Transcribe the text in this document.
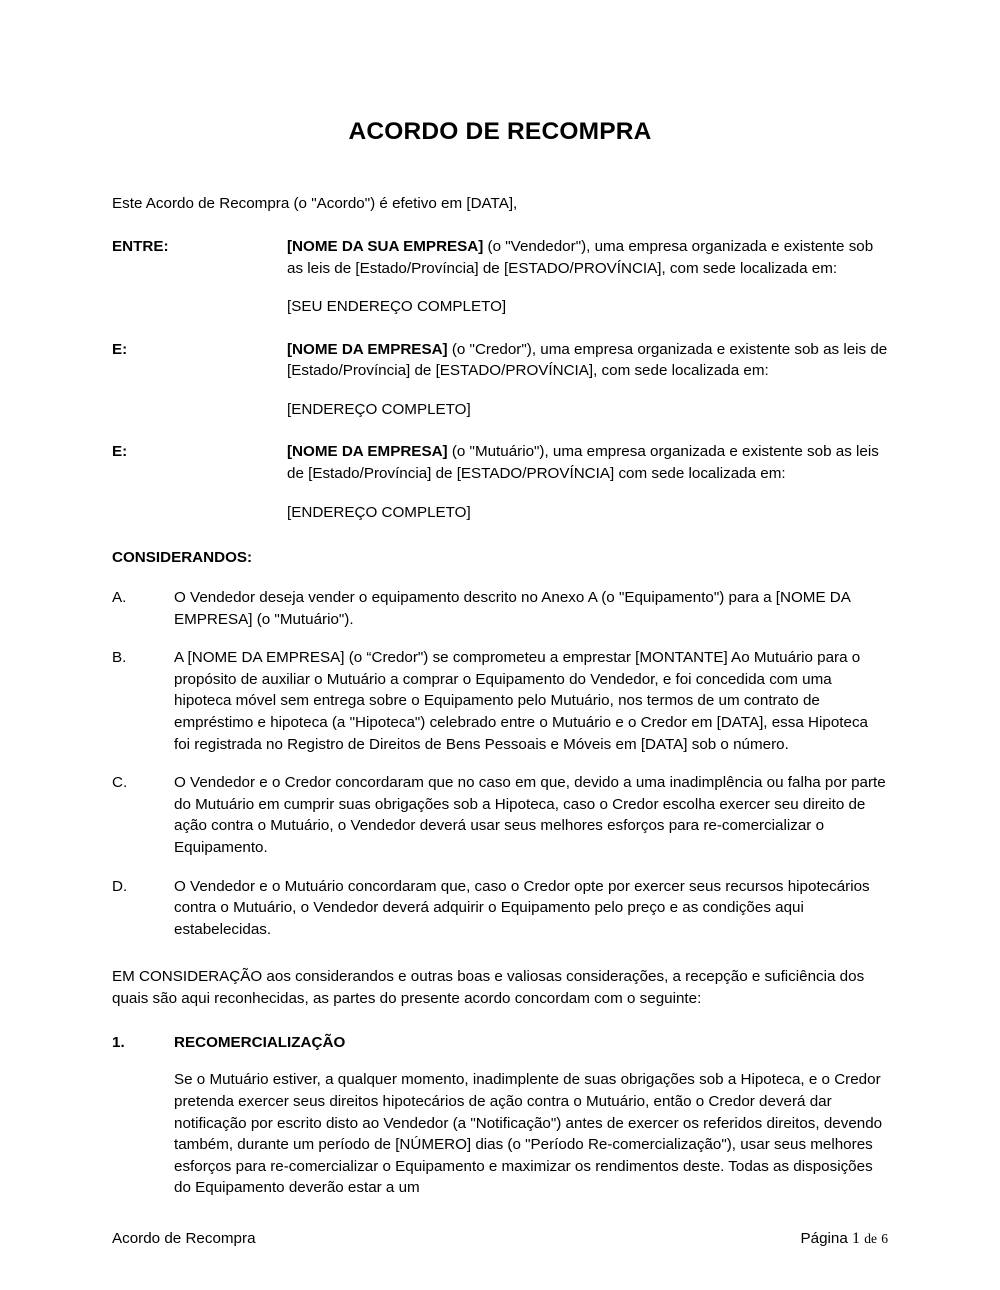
ACORDO DE RECOMPRA

Este Acordo de Recompra (o "Acordo") é efetivo em [DATA],

ENTRE:	[NOME DA SUA EMPRESA] (o "Vendedor"), uma empresa organizada e existente sob as leis de [Estado/Província] de [ESTADO/PROVÍNCIA], com sede localizada em:
[SEU ENDEREÇO COMPLETO]
E:	[NOME DA EMPRESA] (o "Credor"), uma empresa organizada e existente sob as leis de [Estado/Província] de [ESTADO/PROVÍNCIA], com sede localizada em:
[ENDEREÇO COMPLETO]
E:	[NOME DA EMPRESA] (o "Mutuário"), uma empresa organizada e existente sob as leis de [Estado/Província] de [ESTADO/PROVÍNCIA] com sede localizada em:
[ENDEREÇO COMPLETO]
CONSIDERANDOS:
A.	O Vendedor deseja vender o equipamento descrito no Anexo A (o "Equipamento") para a [NOME DA EMPRESA] (o "Mutuário").
B.	A [NOME DA EMPRESA] (o “Credor") se comprometeu a emprestar [MONTANTE] Ao Mutuário para o propósito de auxiliar o Mutuário a comprar o Equipamento do Vendedor, e foi concedida com uma hipoteca móvel sem entrega sobre o Equipamento pelo Mutuário, nos termos de um contrato de empréstimo e hipoteca (a "Hipoteca") celebrado entre o Mutuário e o Credor em [DATA], essa Hipoteca foi registrada no Registro de Direitos de Bens Pessoais e Móveis em [DATA] sob o número.
C.	O Vendedor e o Credor concordaram que no caso em que, devido a uma inadimplência ou falha por parte do Mutuário em cumprir suas obrigações sob a Hipoteca, caso o Credor escolha exercer seu direito de ação contra o Mutuário, o Vendedor deverá usar seus melhores esforços para re-comercializar o Equipamento.
D.	O Vendedor e o Mutuário concordaram que, caso o Credor opte por exercer seus recursos hipotecários contra o Mutuário, o Vendedor deverá adquirir o Equipamento pelo preço e as condições aqui estabelecidas.

EM CONSIDERAÇÃO aos considerandos e outras boas e valiosas considerações, a recepção e suficiência dos quais são aqui reconhecidas, as partes do presente acordo concordam com o seguinte:

1.	RECOMERCIALIZAÇÃO

Se o Mutuário estiver, a qualquer momento, inadimplente de suas obrigações sob a Hipoteca, e o Credor pretenda exercer seus direitos hipotecários de ação contra o Mutuário, então o Credor deverá dar notificação por escrito disto ao Vendedor (a "Notificação") antes de exercer os referidos direitos, devendo também, durante um período de [NÚMERO] dias (o "Período Re-comercialização"), usar seus melhores esforços para re-comercializar o Equipamento e maximizar os rendimentos deste. Todas as disposições do Equipamento deverão estar a um

Acordo de Recompra	Página 1 de 6
